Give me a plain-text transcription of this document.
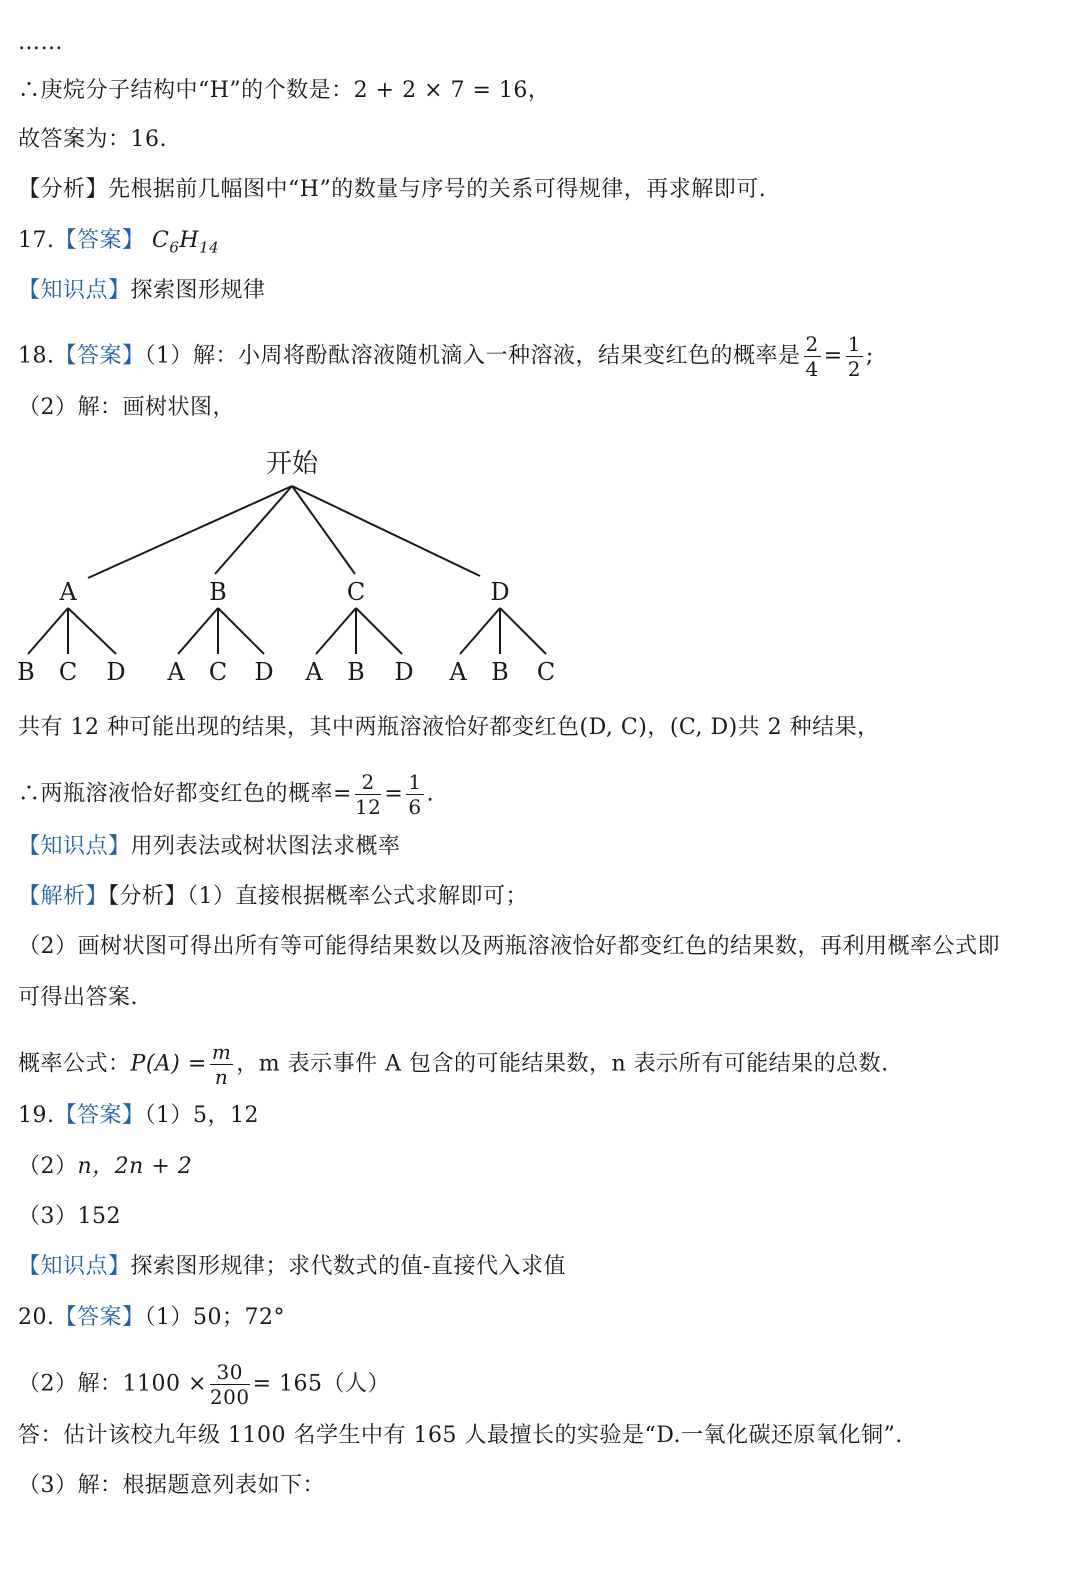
……
∴庚烷分子结构中“H”的个数是：2 + 2 × 7 = 16，
故答案为：16.
【分析】先根据前几幅图中“H”的数量与序号的关系可得规律，再求解即可.
17.【答案】 $C_6H_{14}$
【知识点】探索图形规律
18.【答案】（1）解：小周将酚酞溶液随机滴入一种溶液，结果变红色的概率是 $\frac{2}{4} = \frac{1}{2}$ ;
（2）解：画树状图，
开始
A	B	C	D
B C D A C D A B D A B C
共有 12 种可能出现的结果，其中两瓶溶液恰好都变红色(D, C)，(C, D)共 2 种结果，
∴两瓶溶液恰好都变红色的概率= $\frac{2}{12} = \frac{1}{6}$ .
【知识点】用列表法或树状图法求概率
【解析】【分析】（1）直接根据概率公式求解即可；
（2）画树状图可得出所有等可能得结果数以及两瓶溶液恰好都变红色的结果数，再利用概率公式即
可得出答案.
概率公式：$P(A) = \frac{m}{n}$ ，m 表示事件 A 包含的可能结果数，n 表示所有可能结果的总数.
19.【答案】（1）5，12
（2）n，2n + 2
（3）152
【知识点】探索图形规律；求代数式的值-直接代入求值
20.【答案】（1）50；72°
（2）解：$1100 \times \frac{30}{200} = 165$（人）
答：估计该校九年级 1100 名学生中有 165 人最擅长的实验是“D.一氧化碳还原氧化铜”.
（3）解：根据题意列表如下：
